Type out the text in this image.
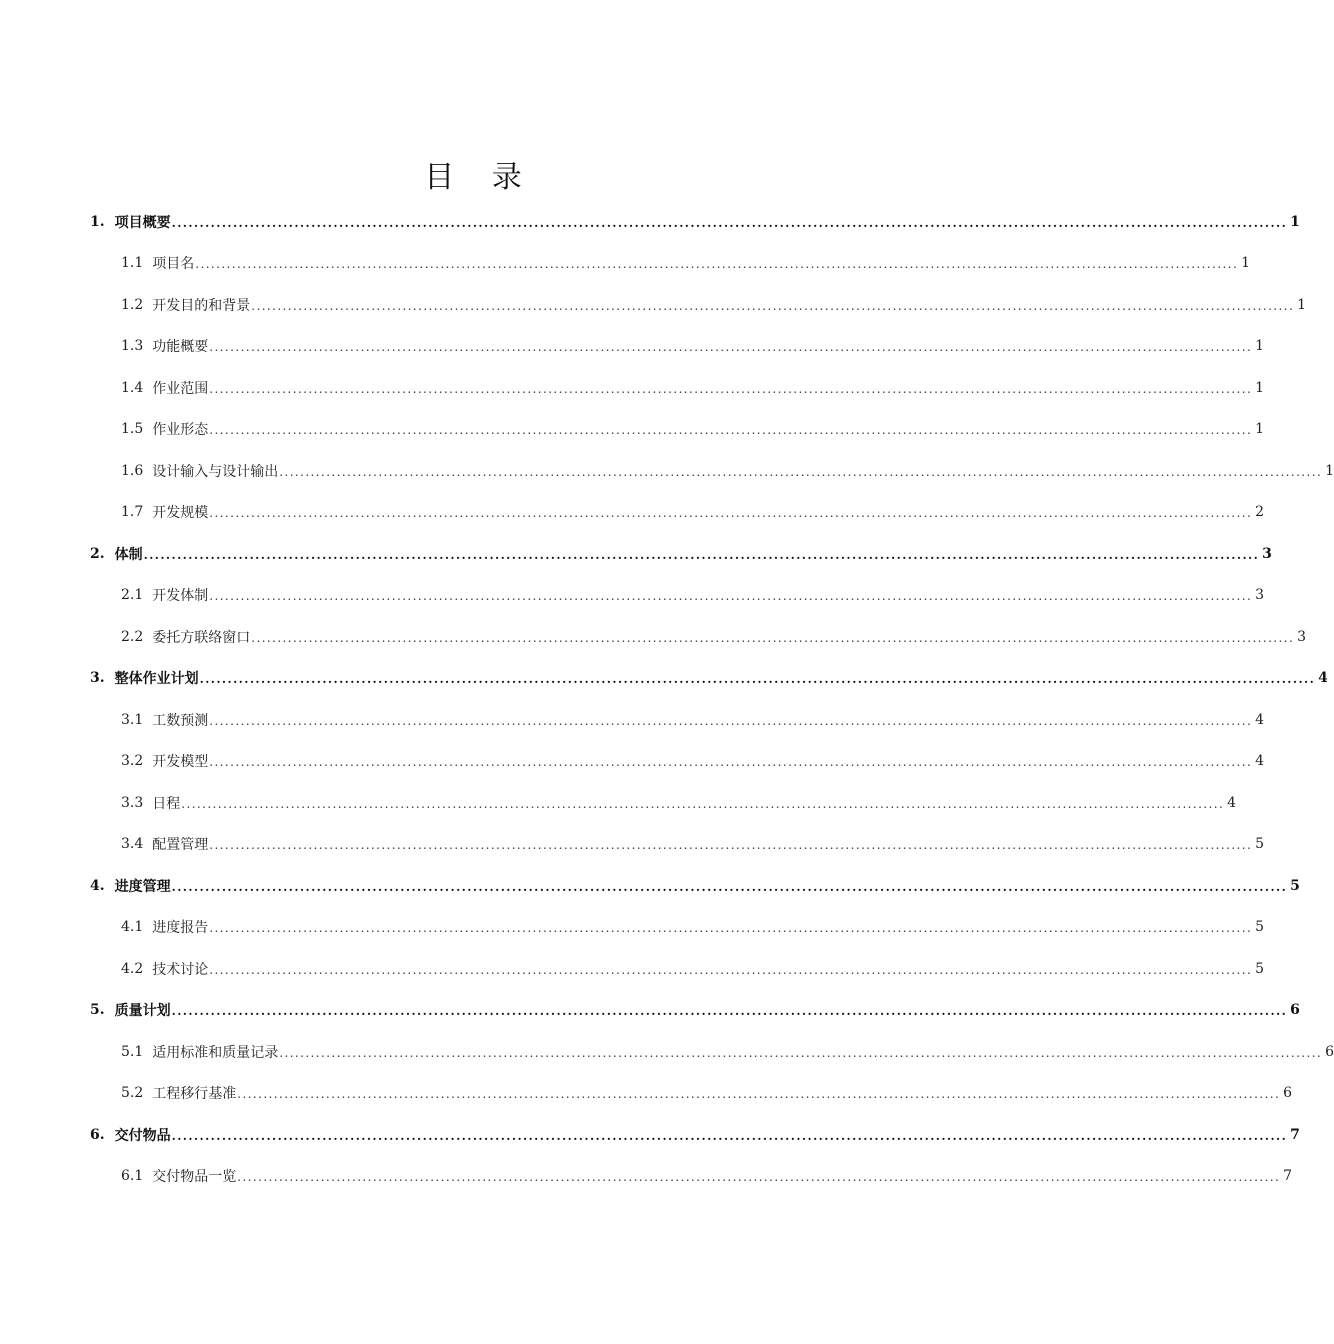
目 录
1. 项目概要 ........................................................................................................................................................................................................ 1
1.1 项目名 ........................................................................................................................................................................................................ 1
1.2 开发目的和背景 ........................................................................................................................................................................................................ 1
1.3 功能概要 ........................................................................................................................................................................................................ 1
1.4 作业范围 ........................................................................................................................................................................................................ 1
1.5 作业形态 ........................................................................................................................................................................................................ 1
1.6 设计输入与设计输出 ........................................................................................................................................................................................................ 1
1.7 开发规模 ........................................................................................................................................................................................................ 2
2. 体制 ........................................................................................................................................................................................................ 3
2.1 开发体制 ........................................................................................................................................................................................................ 3
2.2 委托方联络窗口 ........................................................................................................................................................................................................ 3
3. 整体作业计划 ........................................................................................................................................................................................................ 4
3.1 工数预测 ........................................................................................................................................................................................................ 4
3.2 开发模型 ........................................................................................................................................................................................................ 4
3.3 日程 ........................................................................................................................................................................................................ 4
3.4 配置管理 ........................................................................................................................................................................................................ 5
4. 进度管理 ........................................................................................................................................................................................................ 5
4.1 进度报告 ........................................................................................................................................................................................................ 5
4.2 技术讨论 ........................................................................................................................................................................................................ 5
5. 质量计划 ........................................................................................................................................................................................................ 6
5.1 适用标准和质量记录 ........................................................................................................................................................................................................ 6
5.2 工程移行基准 ........................................................................................................................................................................................................ 6
6. 交付物品 ........................................................................................................................................................................................................ 7
6.1 交付物品一览 ........................................................................................................................................................................................................ 7
